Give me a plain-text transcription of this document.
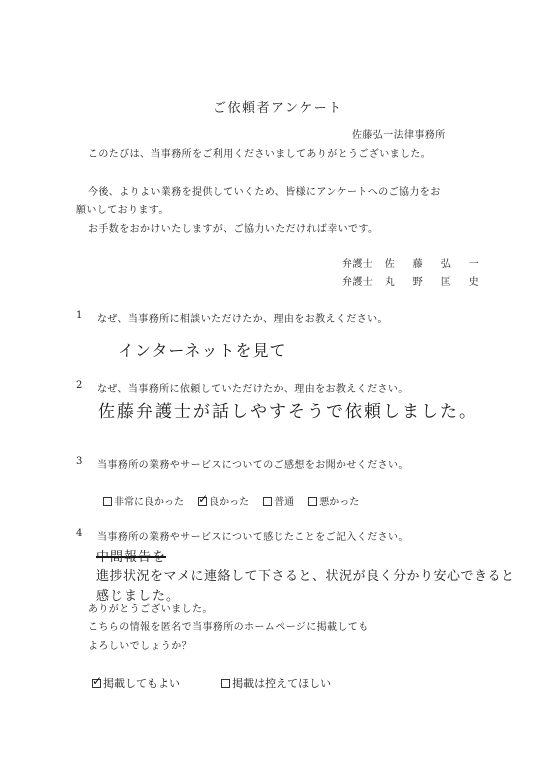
ご依頼者アンケート
佐藤弘一法律事務所
このたびは、当事務所をご利用くださいましてありがとうございました。
今後、よりよい業務を提供していくため、皆様にアンケートへのご協力をお
願いしております。
お手数をおかけいたしますが、ご協力いただければ幸いです。
弁護士 佐 藤 弘 一
弁護士 丸 野 匡 史
1 なぜ、当事務所に相談いただけたか、理由をお教えください。
インターネットを見て
2 なぜ、当事務所に依頼していただけたか、理由をお教えください。
佐藤弁護士が話しやすそうで依頼しました。
3 当事務所の業務やサービスについてのご感想をお聞かせください。
非常に良かった ✓ 良かった	普通	悪かった
4 当事務所の業務やサービスについて感じたことをご記入ください。
中間報告を
進捗状況をマメに連絡して下さると、状況が良く分かり安心できると
感じました。
ありがとうございました。
こちらの情報を匿名で当事務所のホームページに掲載しても
よろしいでしょうか？
✓ 掲載してもよい	掲載は控えてほしい
